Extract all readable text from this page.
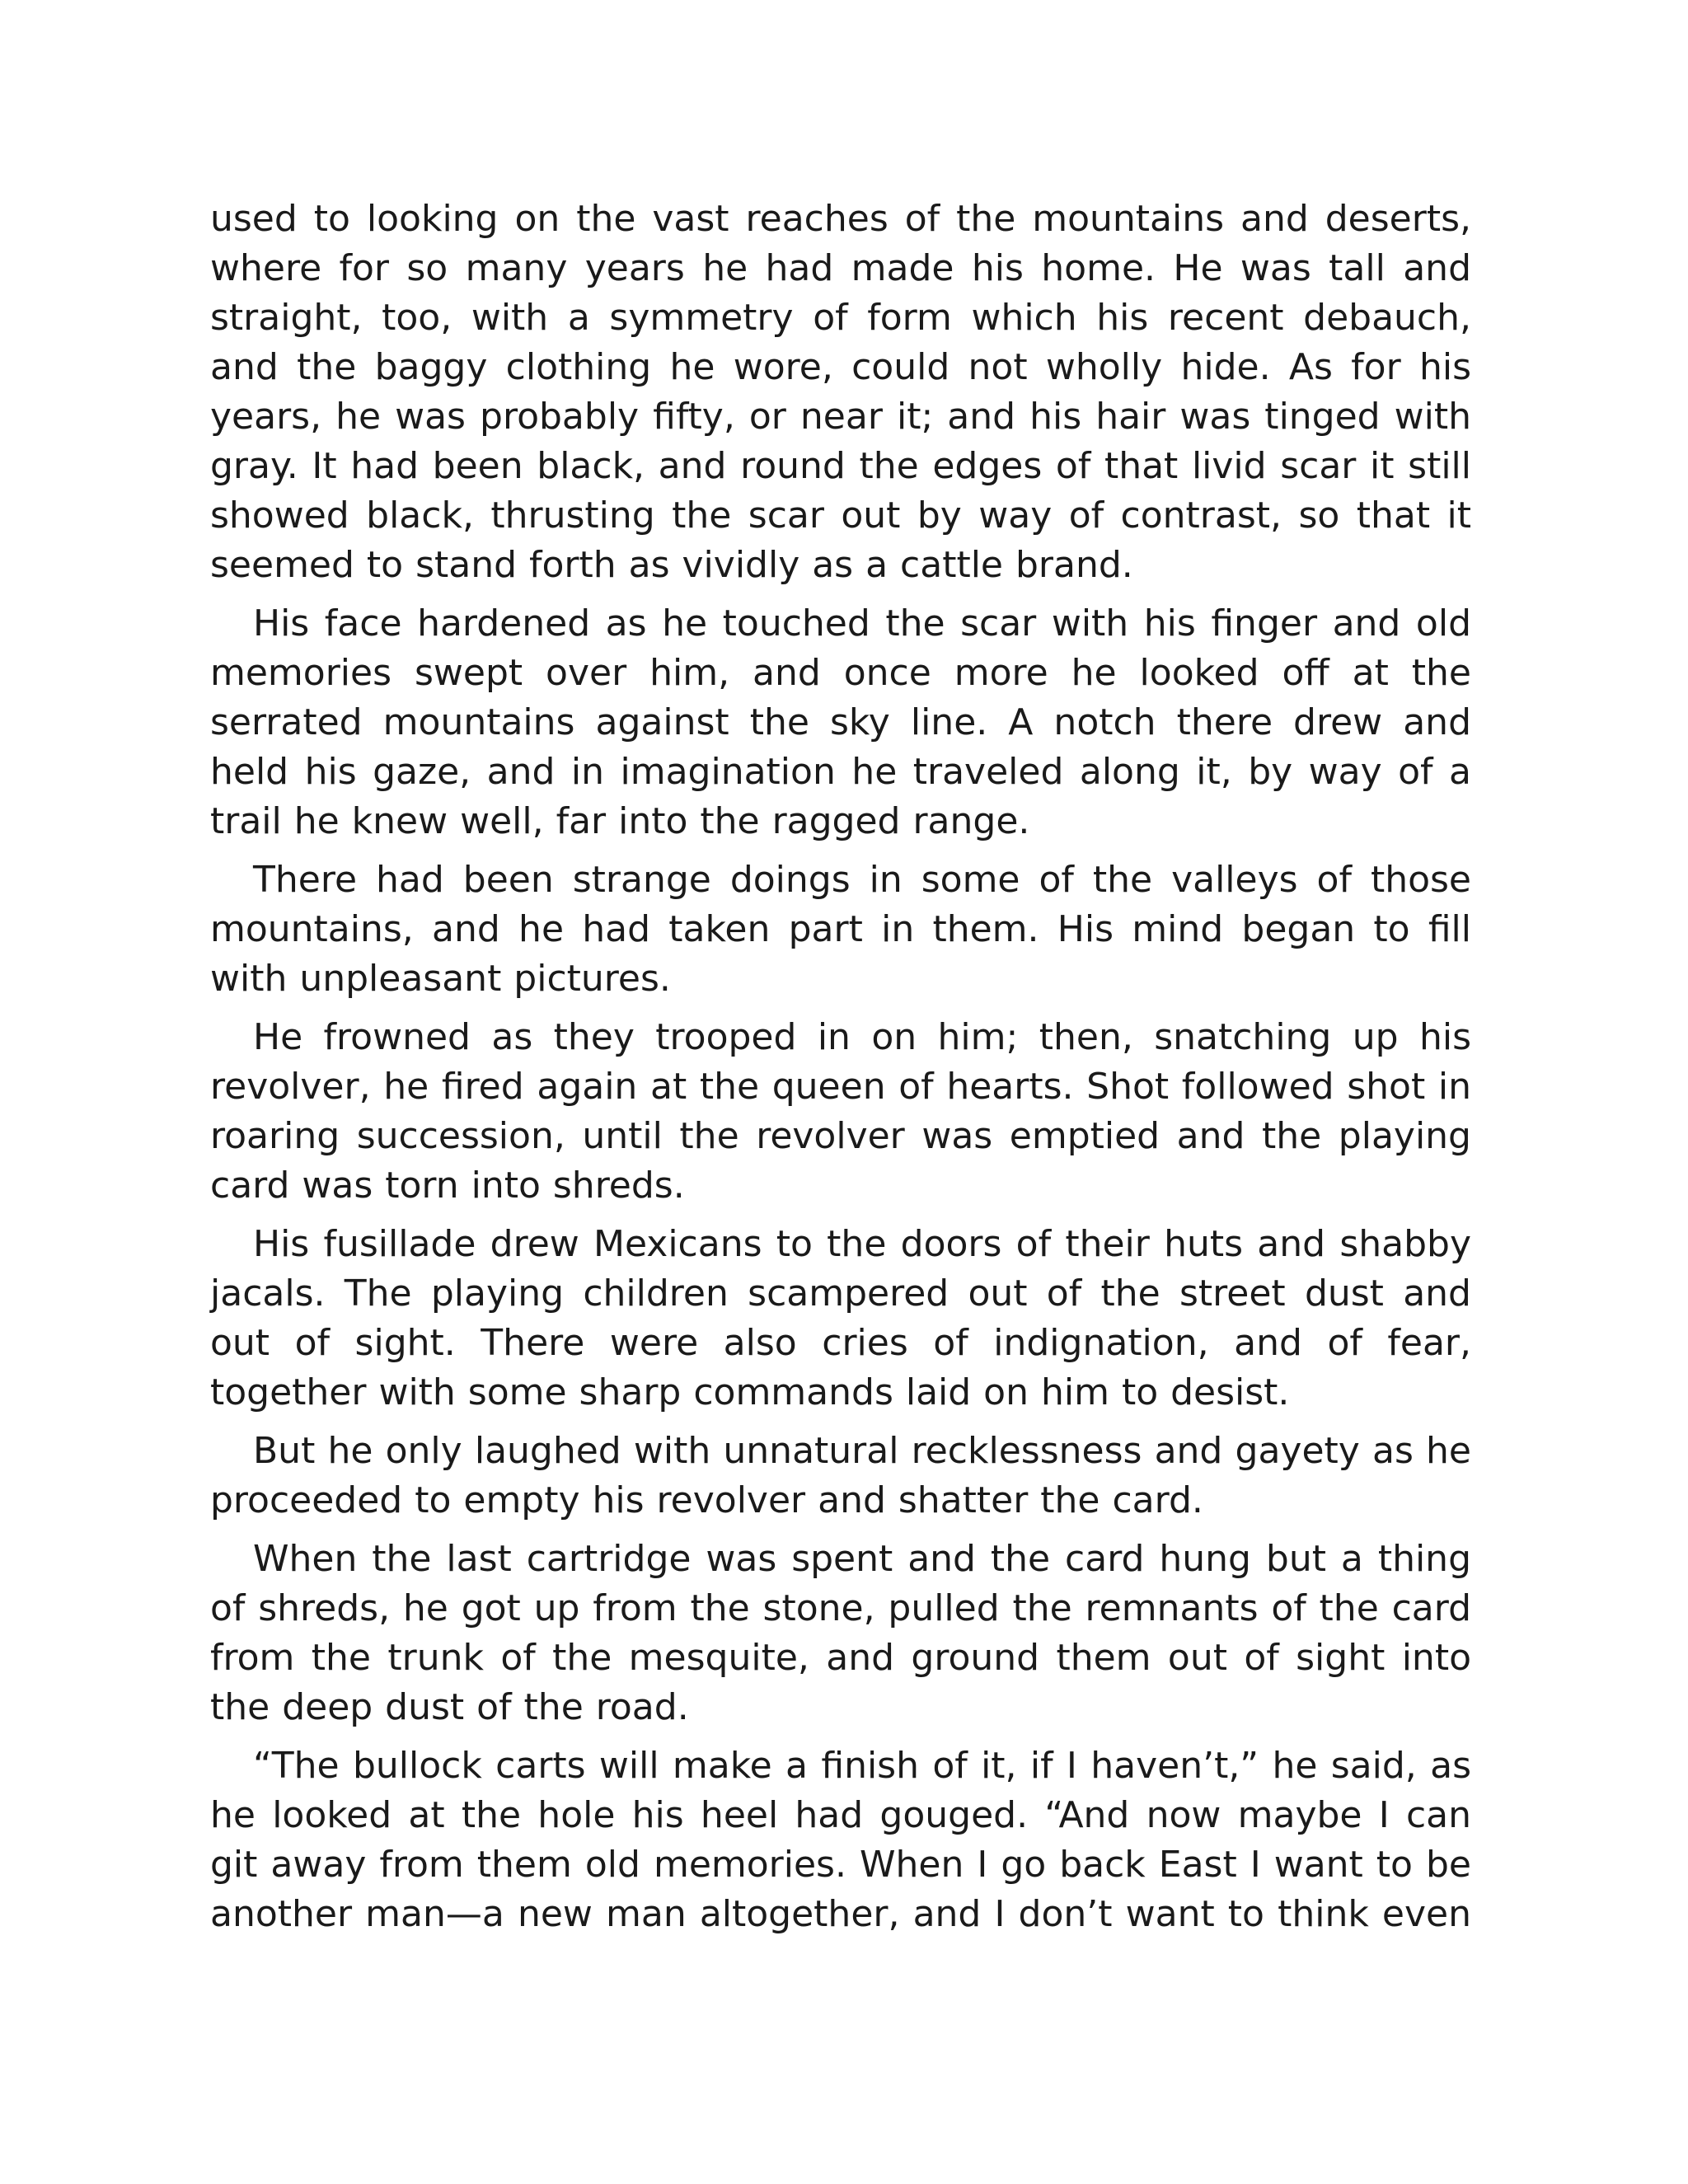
used to looking on the vast reaches of the mountains and deserts, where for so many years he had made his home. He was tall and straight, too, with a symmetry of form which his recent debauch, and the baggy clothing he wore, could not wholly hide. As for his years, he was probably fifty, or near it; and his hair was tinged with gray. It had been black, and round the edges of that livid scar it still showed black, thrusting the scar out by way of contrast, so that it seemed to stand forth as vividly as a cattle brand.

His face hardened as he touched the scar with his finger and old memories swept over him, and once more he looked off at the serrated mountains against the sky line. A notch there drew and held his gaze, and in imagination he traveled along it, by way of a trail he knew well, far into the ragged range.

There had been strange doings in some of the valleys of those mountains, and he had taken part in them. His mind began to fill with unpleasant pictures.

He frowned as they trooped in on him; then, snatching up his revolver, he fired again at the queen of hearts. Shot followed shot in roaring succession, until the revolver was emptied and the playing card was torn into shreds.

His fusillade drew Mexicans to the doors of their huts and shabby jacals. The playing children scampered out of the street dust and out of sight. There were also cries of indignation, and of fear, together with some sharp commands laid on him to desist.

But he only laughed with unnatural recklessness and gayety as he proceeded to empty his revolver and shatter the card.

When the last cartridge was spent and the card hung but a thing of shreds, he got up from the stone, pulled the remnants of the card from the trunk of the mesquite, and ground them out of sight into the deep dust of the road.

“The bullock carts will make a finish of it, if I haven’t,” he said, as he looked at the hole his heel had gouged. “And now maybe I can git away from them old memories. When I go back East I want to be another man—a new man altogether, and I don’t want to think even
